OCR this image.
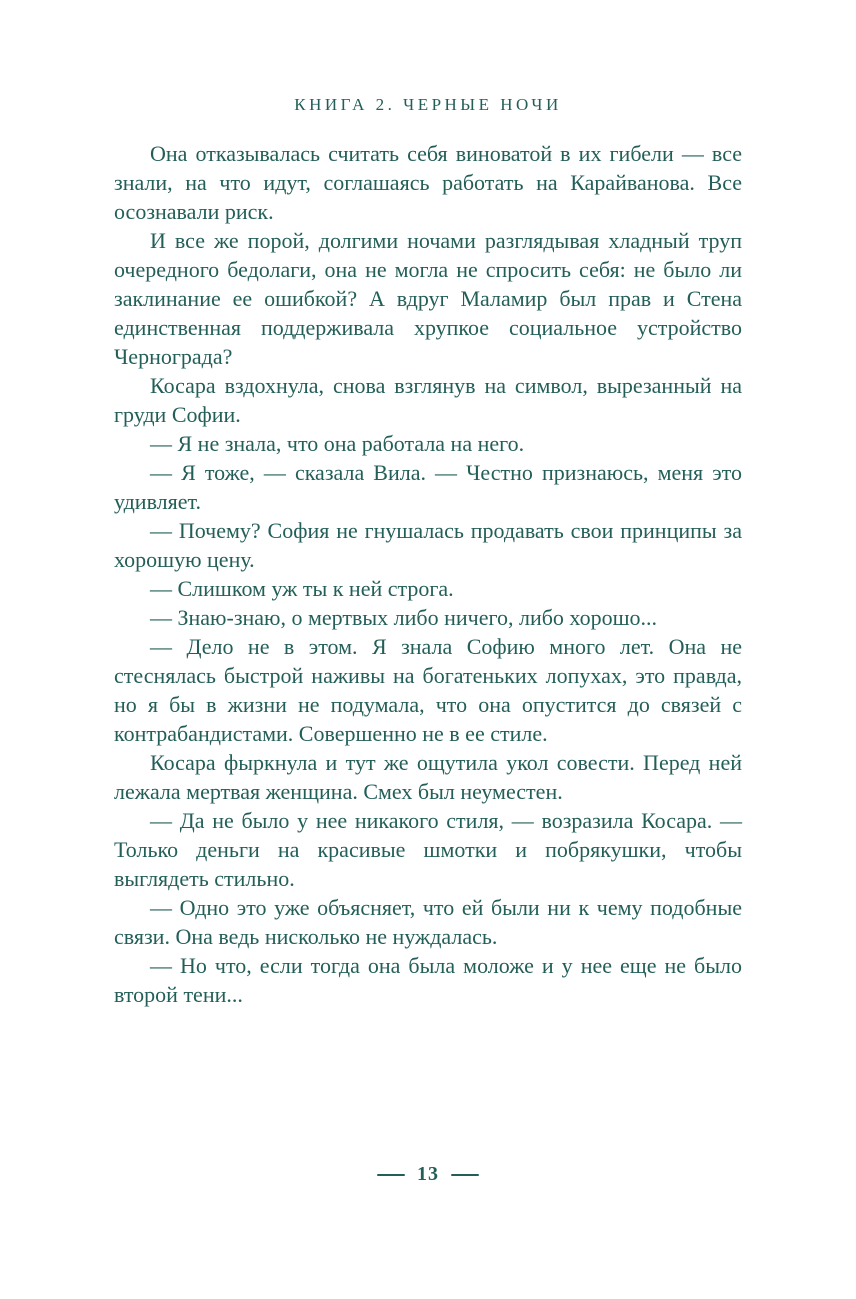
КНИГА 2. ЧЕРНЫЕ НОЧИ

Она отказывалась считать себя виноватой в их гибели — все знали, на что идут, соглашаясь работать на Карайванова. Все осознавали риск.

И все же порой, долгими ночами разглядывая хладный труп очередного бедолаги, она не могла не спросить себя: не было ли заклинание ее ошибкой? А вдруг Маламир был прав и Стена единственная поддерживала хрупкое социальное устройство Чернограда?

Косара вздохнула, снова взглянув на символ, вырезанный на груди Софии.

— Я не знала, что она работала на него.

— Я тоже, — сказала Вила. — Честно признаюсь, меня это удивляет.

— Почему? София не гнушалась продавать свои принципы за хорошую цену.

— Слишком уж ты к ней строга.

— Знаю-знаю, о мертвых либо ничего, либо хорошо...

— Дело не в этом. Я знала Софию много лет. Она не стеснялась быстрой наживы на богатеньких лопухах, это правда, но я бы в жизни не подумала, что она опустится до связей с контрабандистами. Совершенно не в ее стиле.

Косара фыркнула и тут же ощутила укол совести. Перед ней лежала мертвая женщина. Смех был неуместен.

— Да не было у нее никакого стиля, — возразила Косара. — Только деньги на красивые шмотки и побрякушки, чтобы выглядеть стильно.

— Одно это уже объясняет, что ей были ни к чему подобные связи. Она ведь нисколько не нуждалась.

— Но что, если тогда она была моложе и у нее еще не было второй тени...

13
